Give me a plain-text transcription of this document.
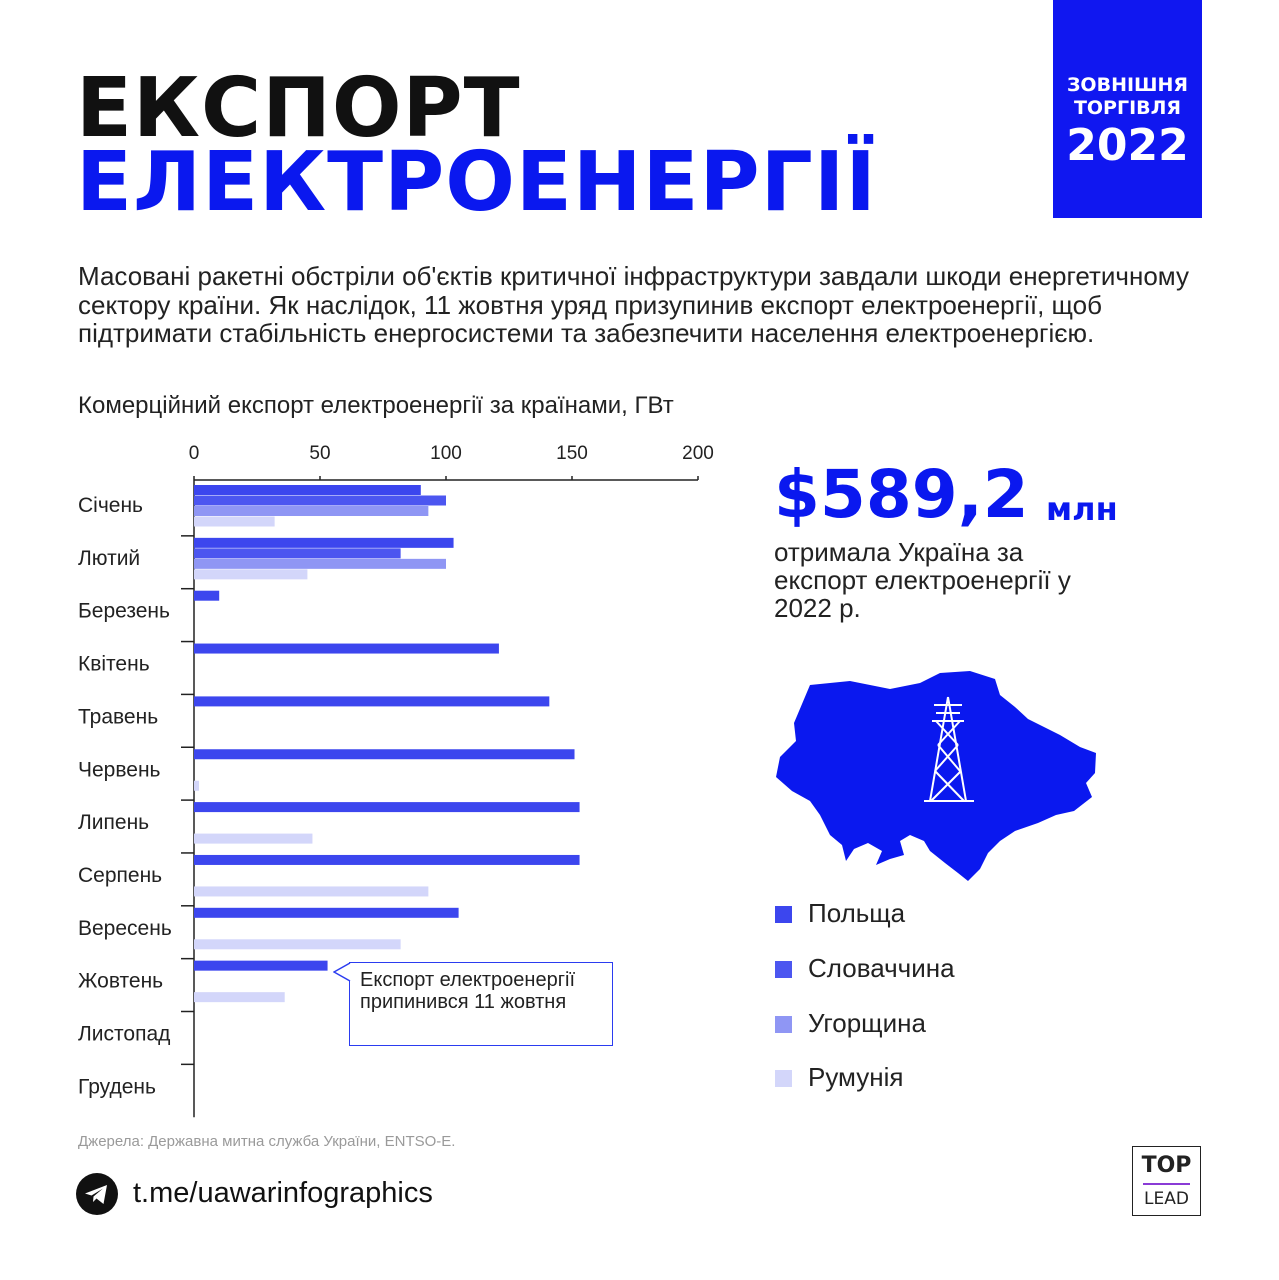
ЕКСПОРТ
ЕЛЕКТРОЕНЕРГІЇ
ЗОВНІШНЯ
ТОРГІВЛЯ
2022

Масовані ракетні обстріли об'єктів критичної інфраструктури завдали шкоди енергетичному сектору країни. Як наслідок, 11 жовтня уряд призупинив експорт електроенергії, щоб підтримати стабільність енергосистеми та забезпечити населення електроенергією.

Комерційний експорт електроенергії за країнами, ГВт

0	50	100	150	200
Січень
Лютий
Березень
Квітень
Травень
Червень
Липень
Серпень
Вересень
Жовтень
Листопад
Грудень
Експорт електроенергії припинився 11 жовтня

$589,2 млн

отримала Україна за експорт електроенергії у 2022 р.

Польща
Словаччина
Угорщина
Румунія

Джерела: Державна митна служба України, ENTSO-E.

t.me/uawarinfographics
TOP
LEAD
